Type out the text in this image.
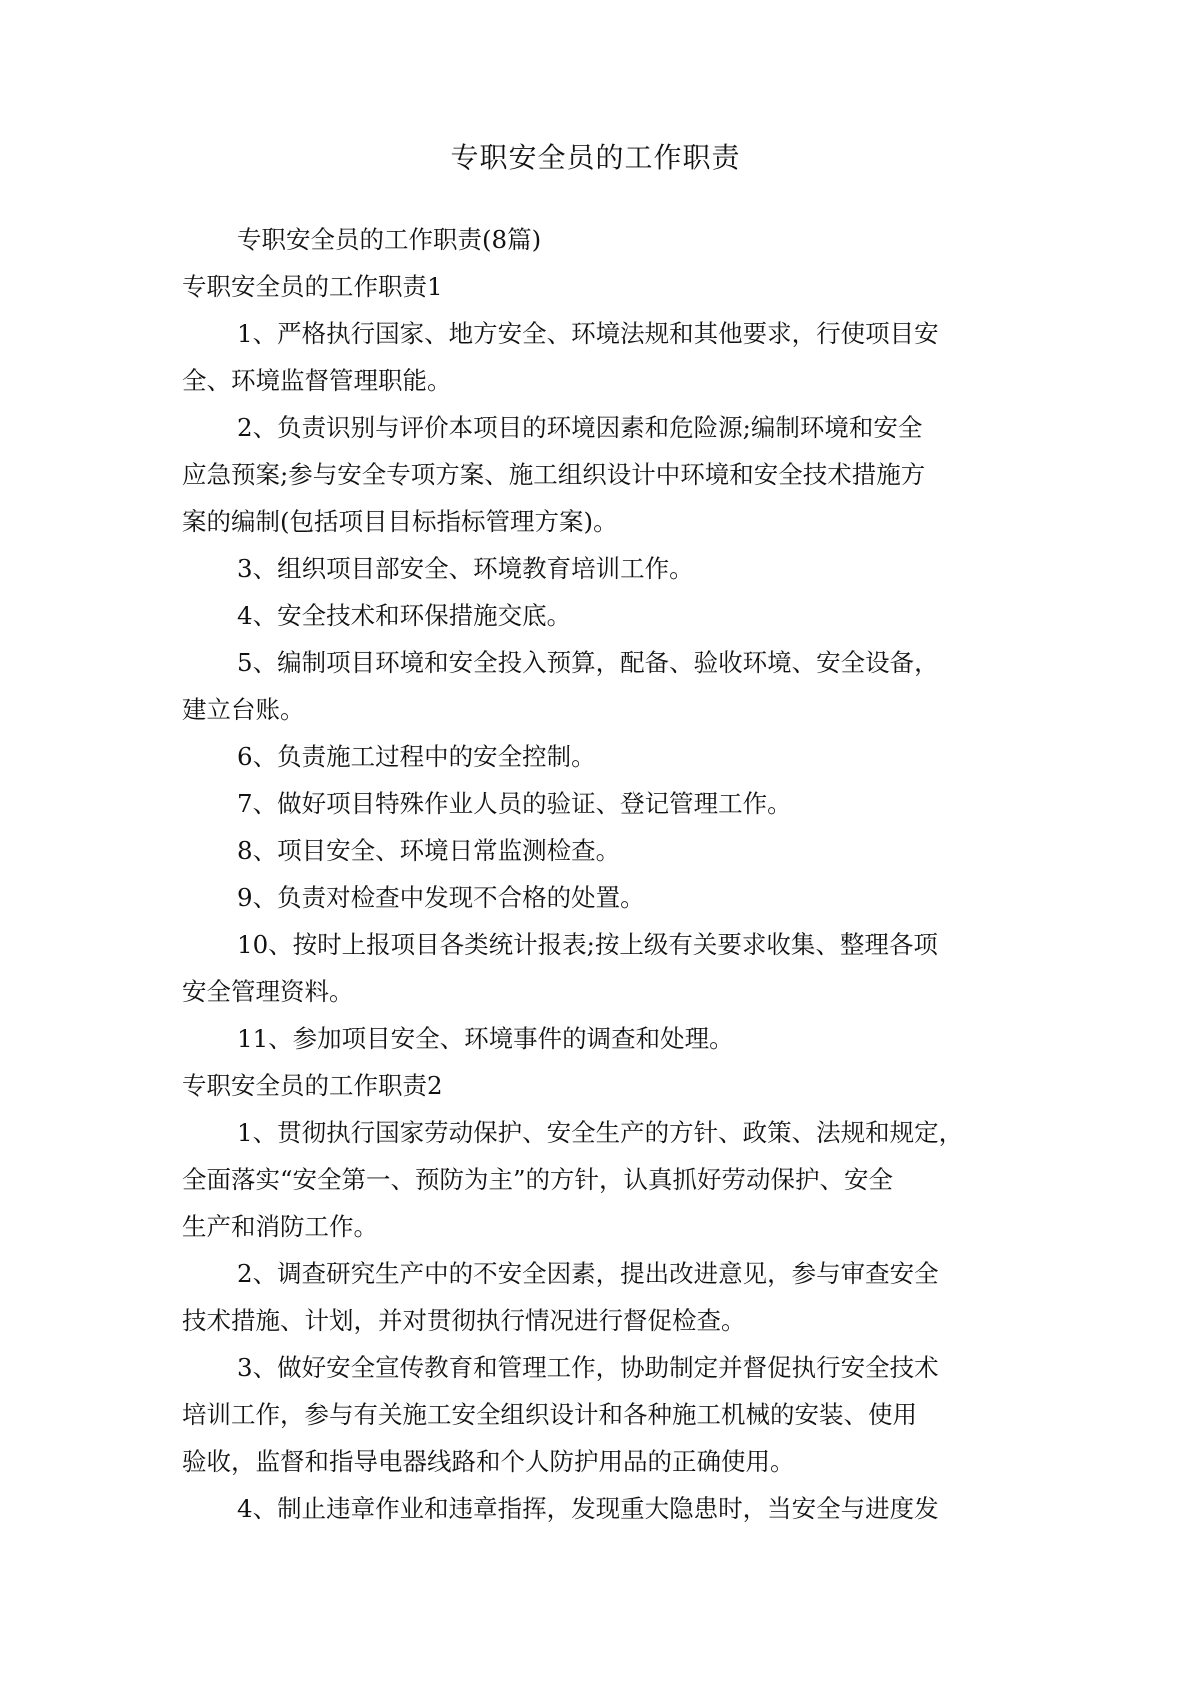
专职安全员的工作职责
专职安全员的工作职责(8篇)
专职安全员的工作职责1
1、严格执行国家、地方安全、环境法规和其他要求，行使项目安
全、环境监督管理职能。
2、负责识别与评价本项目的环境因素和危险源;编制环境和安全
应急预案;参与安全专项方案、施工组织设计中环境和安全技术措施方
案的编制(包括项目目标指标管理方案)。
3、组织项目部安全、环境教育培训工作。
4、安全技术和环保措施交底。
5、编制项目环境和安全投入预算，配备、验收环境、安全设备，
建立台账。
6、负责施工过程中的安全控制。
7、做好项目特殊作业人员的验证、登记管理工作。
8、项目安全、环境日常监测检查。
9、负责对检查中发现不合格的处置。
10、按时上报项目各类统计报表;按上级有关要求收集、整理各项
安全管理资料。
11、参加项目安全、环境事件的调查和处理。
专职安全员的工作职责2
1、贯彻执行国家劳动保护、安全生产的方针、政策、法规和规定，
全面落实“安全第一、预防为主”的方针，认真抓好劳动保护、安全
生产和消防工作。
2、调查研究生产中的不安全因素，提出改进意见，参与审查安全
技术措施、计划，并对贯彻执行情况进行督促检查。
3、做好安全宣传教育和管理工作，协助制定并督促执行安全技术
培训工作，参与有关施工安全组织设计和各种施工机械的安装、使用
验收，监督和指导电器线路和个人防护用品的正确使用。
4、制止违章作业和违章指挥，发现重大隐患时，当安全与进度发
